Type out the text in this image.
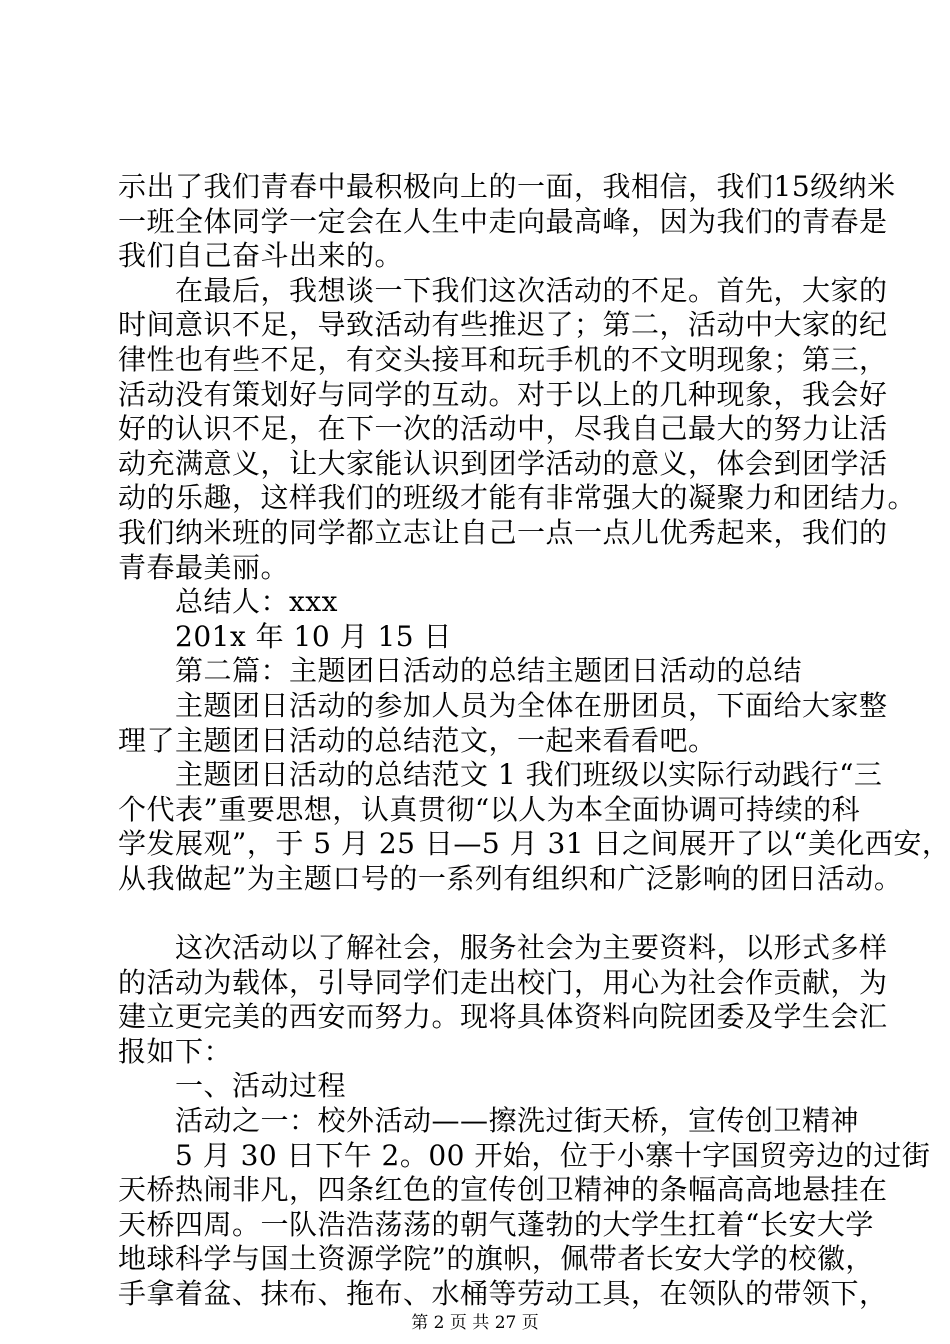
示出了我们青春中最积极向上的一面，我相信，我们15级纳米
一班全体同学一定会在人生中走向最高峰，因为我们的青春是
我们自己奋斗出来的。
　　在最后，我想谈一下我们这次活动的不足。首先，大家的
时间意识不足，导致活动有些推迟了；第二，活动中大家的纪
律性也有些不足，有交头接耳和玩手机的不文明现象；第三，
活动没有策划好与同学的互动。对于以上的几种现象，我会好
好的认识不足，在下一次的活动中，尽我自己最大的努力让活
动充满意义，让大家能认识到团学活动的意义，体会到团学活
动的乐趣，这样我们的班级才能有非常强大的凝聚力和团结力。
我们纳米班的同学都立志让自己一点一点儿优秀起来，我们的
青春最美丽。
　　总结人：xxx
　　201x 年 10 月 15 日
　　第二篇：主题团日活动的总结主题团日活动的总结
　　主题团日活动的参加人员为全体在册团员，下面给大家整
理了主题团日活动的总结范文，一起来看看吧。
　　主题团日活动的总结范文 1 我们班级以实际行动践行“三
个代表”重要思想，认真贯彻“以人为本全面协调可持续的科
学发展观”，于 5 月 25 日—5 月 31 日之间展开了以“美化西安，
从我做起”为主题口号的一系列有组织和广泛影响的团日活动。
　　这次活动以了解社会，服务社会为主要资料，以形式多样
的活动为载体，引导同学们走出校门，用心为社会作贡献，为
建立更完美的西安而努力。现将具体资料向院团委及学生会汇
报如下：
　　一、活动过程
　　活动之一：校外活动——擦洗过街天桥，宣传创卫精神
　　5 月 30 日下午 2。00 开始，位于小寨十字国贸旁边的过街
天桥热闹非凡，四条红色的宣传创卫精神的条幅高高地悬挂在
天桥四周。一队浩浩荡荡的朝气蓬勃的大学生扛着“长安大学
地球科学与国土资源学院”的旗帜，佩带者长安大学的校徽，
手拿着盆、抹布、拖布、水桶等劳动工具，在领队的带领下，
第 2 页 共 27 页
